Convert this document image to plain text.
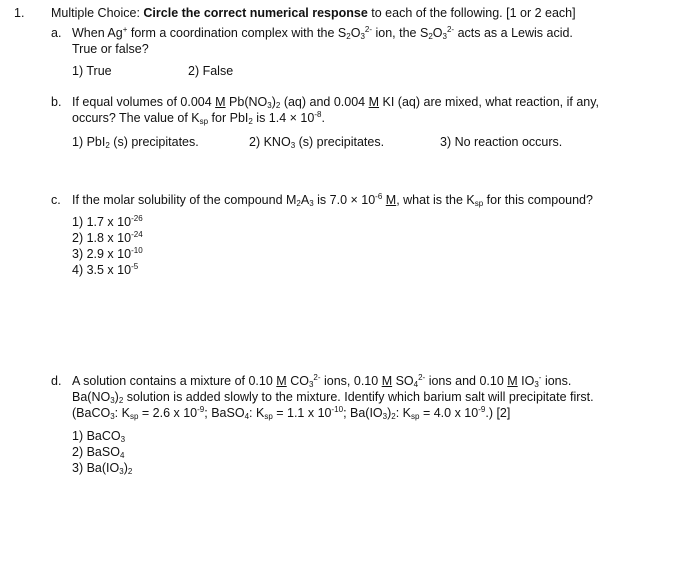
1. Multiple Choice: Circle the correct numerical response to each of the following. [1 or 2 each]
a. When Ag+ form a coordination complex with the $S_2O_3^{2-}$ ion, the $S_2O_3^{2-}$ acts as a Lewis acid.
True or false?
1) True	2) False
b. If equal volumes of 0.004 M $Pb(NO_3)_2$ (aq) and 0.004 M KI (aq) are mixed, what reaction, if any,
occurs? The value of $K_{sp}$ for PbI$_2$ is $1.4 \times 10^{-8}$.
1) PbI$_2$ (s) precipitates.	2) $KNO_3$ (s) precipitates.	3) No reaction occurs.
c. If the molar solubility of the compound $M_2A_3$ is $7.0 \times 10^{-6}$ M, what is the $K_{sp}$ for this compound?
1) 1.7 x $10^{-26}$
2) 1.8 x $10^{-24}$
3) 2.9 x $10^{-10}$
4) 3.5 x $10^{-5}$
d. A solution contains a mixture of 0.10 M $CO_3^{2-}$ ions, 0.10 M $SO_4^{2-}$ ions and 0.10 M $IO_3^-$ ions.
$Ba(NO_3)_2$ solution is added slowly to the mixture. Identify which barium salt will precipitate first.
(BaCO$_3$: $K_{sp} = 2.6$ x $10^{-9}$; BaSO$_4$: $K_{sp} = 1.1$ x $10^{-10}$; $Ba(IO_3)_2$: $K_{sp} = 4.0$ x $10^{-9}$.) [2]
1) BaCO$_3$
2) BaSO$_4$
3) $Ba(IO_3)_2$
